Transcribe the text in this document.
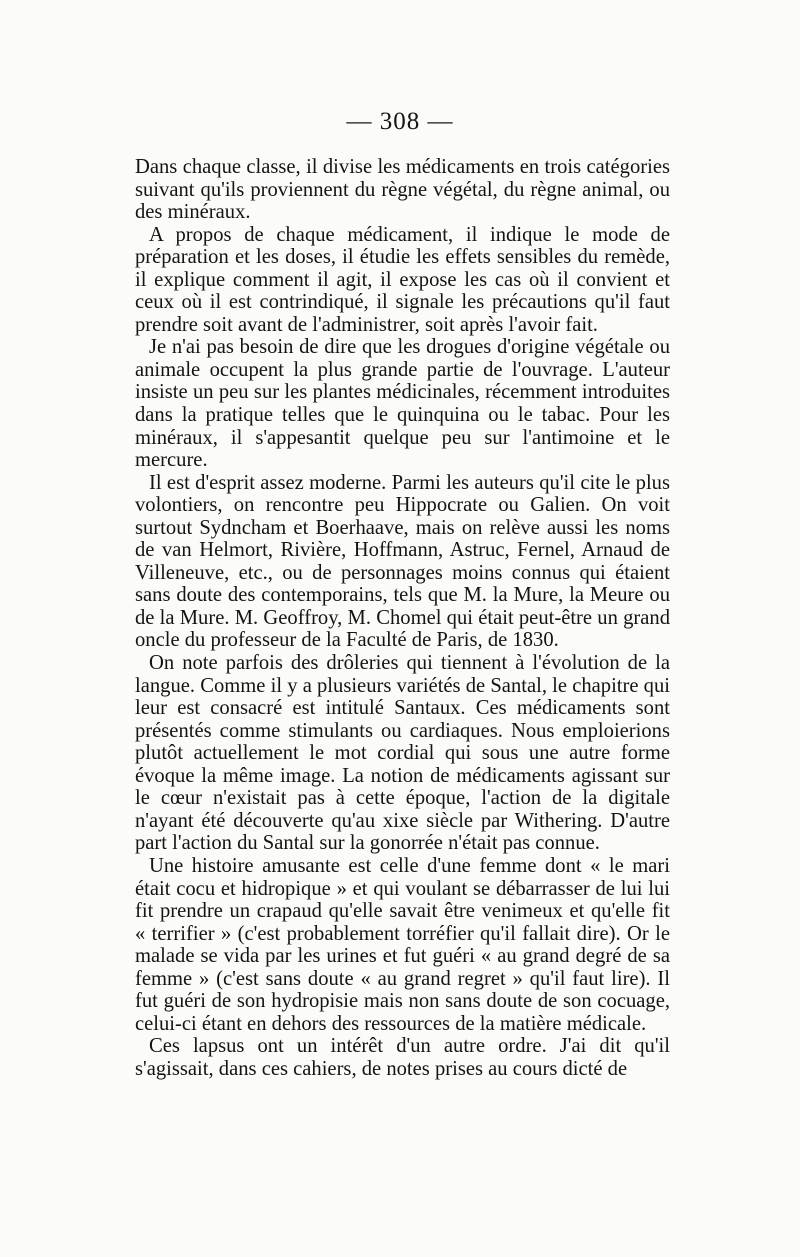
— 308 —

Dans chaque classe, il divise les médicaments en trois catégories suivant qu'ils proviennent du règne végétal, du règne animal, ou des minéraux.

A propos de chaque médicament, il indique le mode de préparation et les doses, il étudie les effets sensibles du remède, il explique comment il agit, il expose les cas où il convient et ceux où il est contrindiqué, il signale les précautions qu'il faut prendre soit avant de l'administrer, soit après l'avoir fait.

Je n'ai pas besoin de dire que les drogues d'origine végétale ou animale occupent la plus grande partie de l'ouvrage. L'auteur insiste un peu sur les plantes médicinales, récemment introduites dans la pratique telles que le quinquina ou le tabac. Pour les minéraux, il s'appesantit quelque peu sur l'antimoine et le mercure.

Il est d'esprit assez moderne. Parmi les auteurs qu'il cite le plus volontiers, on rencontre peu Hippocrate ou Galien. On voit surtout Sydncham et Boerhaave, mais on relève aussi les noms de van Helmort, Rivière, Hoffmann, Astruc, Fernel, Arnaud de Villeneuve, etc., ou de personnages moins connus qui étaient sans doute des contemporains, tels que M. la Mure, la Meure ou de la Mure. M. Geoffroy, M. Chomel qui était peut-être un grand oncle du professeur de la Faculté de Paris, de 1830.

On note parfois des drôleries qui tiennent à l'évolution de la langue. Comme il y a plusieurs variétés de Santal, le chapitre qui leur est consacré est intitulé Santaux. Ces médicaments sont présentés comme stimulants ou cardiaques. Nous emploierions plutôt actuellement le mot cordial qui sous une autre forme évoque la même image. La notion de médicaments agissant sur le cœur n'existait pas à cette époque, l'action de la digitale n'ayant été découverte qu'au xixe siècle par Withering. D'autre part l'action du Santal sur la gonorrée n'était pas connue.

Une histoire amusante est celle d'une femme dont « le mari était cocu et hidropique » et qui voulant se débarrasser de lui lui fit prendre un crapaud qu'elle savait être venimeux et qu'elle fit « terrifier » (c'est probablement torréfier qu'il fallait dire). Or le malade se vida par les urines et fut guéri « au grand degré de sa femme » (c'est sans doute « au grand regret » qu'il faut lire). Il fut guéri de son hydropisie mais non sans doute de son cocuage, celui-ci étant en dehors des ressources de la matière médicale.

Ces lapsus ont un intérêt d'un autre ordre. J'ai dit qu'il s'agissait, dans ces cahiers, de notes prises au cours dicté de
